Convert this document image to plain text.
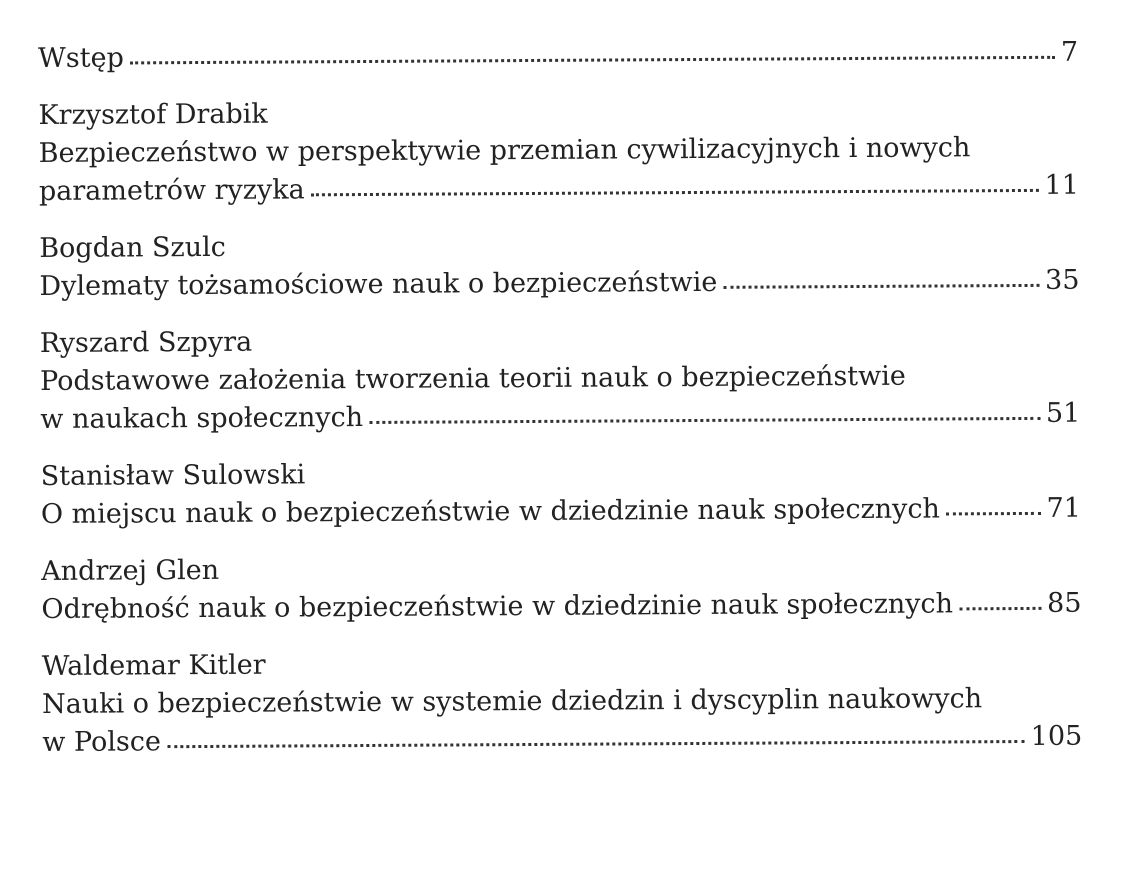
Wstęp	7
Krzysztof Drabik
Bezpieczeństwo w perspektywie przemian cywilizacyjnych i nowych
parametrów ryzyka	11
Bogdan Szulc
Dylematy tożsamościowe nauk o bezpieczeństwie	35
Ryszard Szpyra
Podstawowe założenia tworzenia teorii nauk o bezpieczeństwie
w naukach społecznych	51
Stanisław Sulowski
O miejscu nauk o bezpieczeństwie w dziedzinie nauk społecznych	71
Andrzej Glen
Odrębność nauk o bezpieczeństwie w dziedzinie nauk społecznych	85
Waldemar Kitler
Nauki o bezpieczeństwie w systemie dziedzin i dyscyplin naukowych
w Polsce	105
